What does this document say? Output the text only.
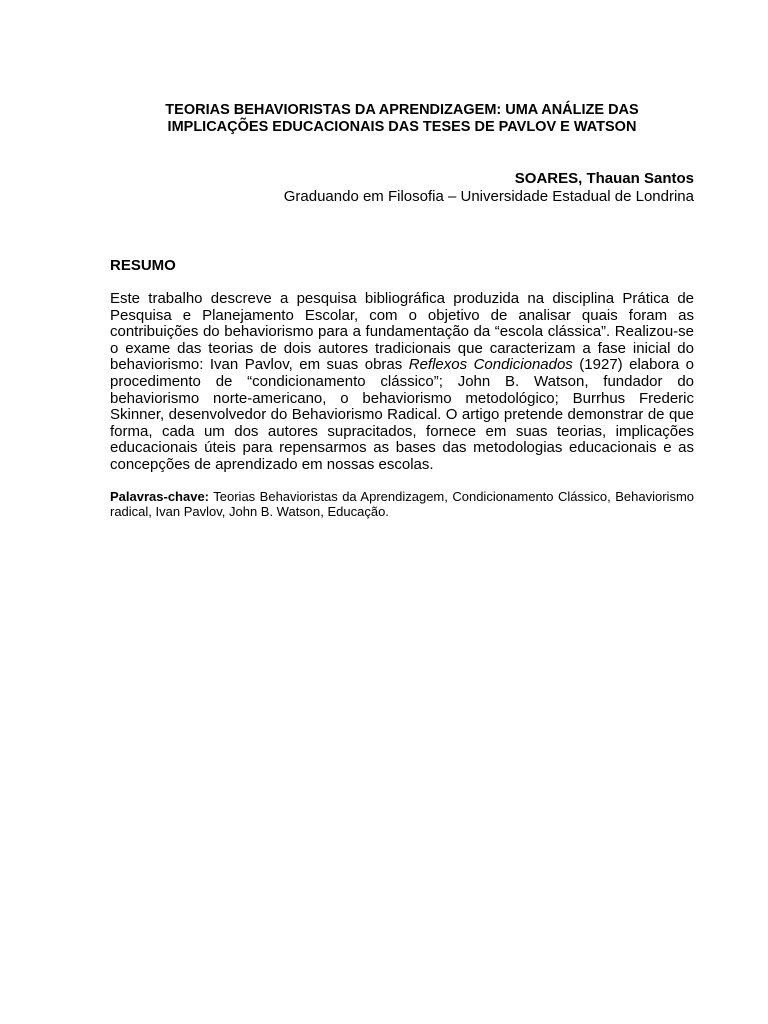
TEORIAS BEHAVIORISTAS DA APRENDIZAGEM: UMA ANÁLIZE DAS
IMPLICAÇÕES EDUCACIONAIS DAS TESES DE PAVLOV E WATSON
SOARES, Thauan Santos
Graduando em Filosofia – Universidade Estadual de Londrina
RESUMO

Este trabalho descreve a pesquisa bibliográfica produzida na disciplina Prática de Pesquisa e Planejamento Escolar, com o objetivo de analisar quais foram as contribuições do behaviorismo para a fundamentação da “escola clássica”. Realizou-se o exame das teorias de dois autores tradicionais que caracterizam a fase inicial do behaviorismo: Ivan Pavlov, em suas obras Reflexos Condicionados (1927) elabora o procedimento de “condicionamento clássico”; John B. Watson, fundador do behaviorismo norte-americano, o behaviorismo metodológico; Burrhus Frederic Skinner, desenvolvedor do Behaviorismo Radical. O artigo pretende demonstrar de que forma, cada um dos autores supracitados, fornece em suas teorias, implicações educacionais úteis para repensarmos as bases das metodologias educacionais e as concepções de aprendizado em nossas escolas.

Palavras-chave: Teorias Behavioristas da Aprendizagem, Condicionamento Clássico, Behaviorismo radical, Ivan Pavlov, John B. Watson, Educação.
